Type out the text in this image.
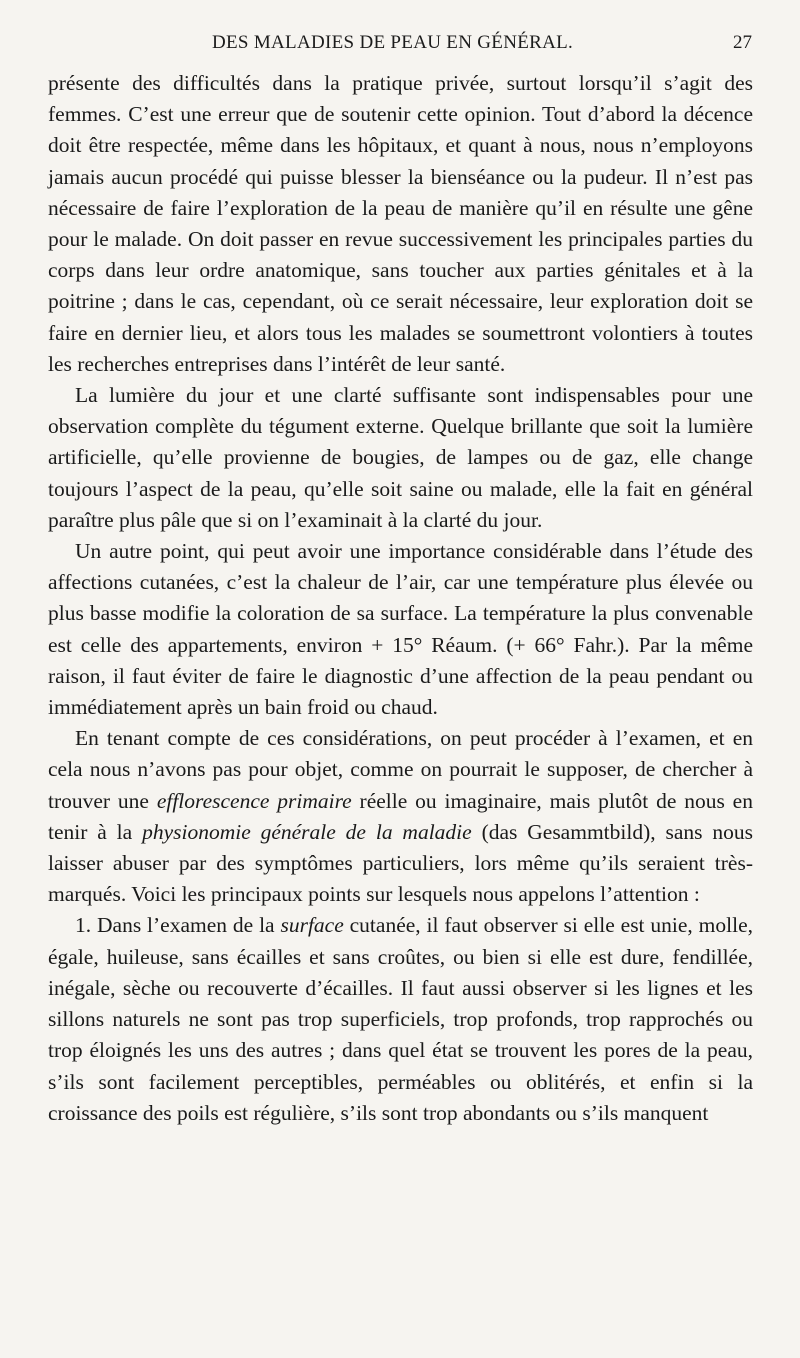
DES MALADIES DE PEAU EN GÉNÉRAL.	27

présente des difficultés dans la pratique privée, surtout lorsqu’il s’agit des femmes. C’est une erreur que de soutenir cette opinion. Tout d’abord la décence doit être respectée, même dans les hôpitaux, et quant à nous, nous n’employons jamais aucun procédé qui puisse blesser la bienséance ou la pudeur. Il n’est pas nécessaire de faire l’exploration de la peau de manière qu’il en résulte une gêne pour le malade. On doit passer en revue successivement les principales parties du corps dans leur ordre anatomique, sans toucher aux parties génitales et à la poitrine ; dans le cas, cependant, où ce serait nécessaire, leur exploration doit se faire en dernier lieu, et alors tous les malades se soumettront volontiers à toutes les recherches entreprises dans l’intérêt de leur santé.

La lumière du jour et une clarté suffisante sont indispensables pour une observation complète du tégument externe. Quelque brillante que soit la lumière artificielle, qu’elle provienne de bougies, de lampes ou de gaz, elle change toujours l’aspect de la peau, qu’elle soit saine ou malade, elle la fait en général paraître plus pâle que si on l’examinait à la clarté du jour.

Un autre point, qui peut avoir une importance considérable dans l’étude des affections cutanées, c’est la chaleur de l’air, car une température plus élevée ou plus basse modifie la coloration de sa surface. La température la plus convenable est celle des appartements, environ + 15° Réaum. (+ 66° Fahr.). Par la même raison, il faut éviter de faire le diagnostic d’une affection de la peau pendant ou immédiatement après un bain froid ou chaud.

En tenant compte de ces considérations, on peut procéder à l’examen, et en cela nous n’avons pas pour objet, comme on pourrait le supposer, de chercher à trouver une efflorescence primaire réelle ou imaginaire, mais plutôt de nous en tenir à la physionomie générale de la maladie (das Gesammtbild), sans nous laisser abuser par des symptômes particuliers, lors même qu’ils seraient très-marqués. Voici les principaux points sur lesquels nous appelons l’attention :

1. Dans l’examen de la surface cutanée, il faut observer si elle est unie, molle, égale, huileuse, sans écailles et sans croûtes, ou bien si elle est dure, fendillée, inégale, sèche ou recouverte d’écailles. Il faut aussi observer si les lignes et les sillons naturels ne sont pas trop superficiels, trop profonds, trop rapprochés ou trop éloignés les uns des autres ; dans quel état se trouvent les pores de la peau, s’ils sont facilement perceptibles, perméables ou oblitérés, et enfin si la croissance des poils est régulière, s’ils sont trop abondants ou s’ils manquent
